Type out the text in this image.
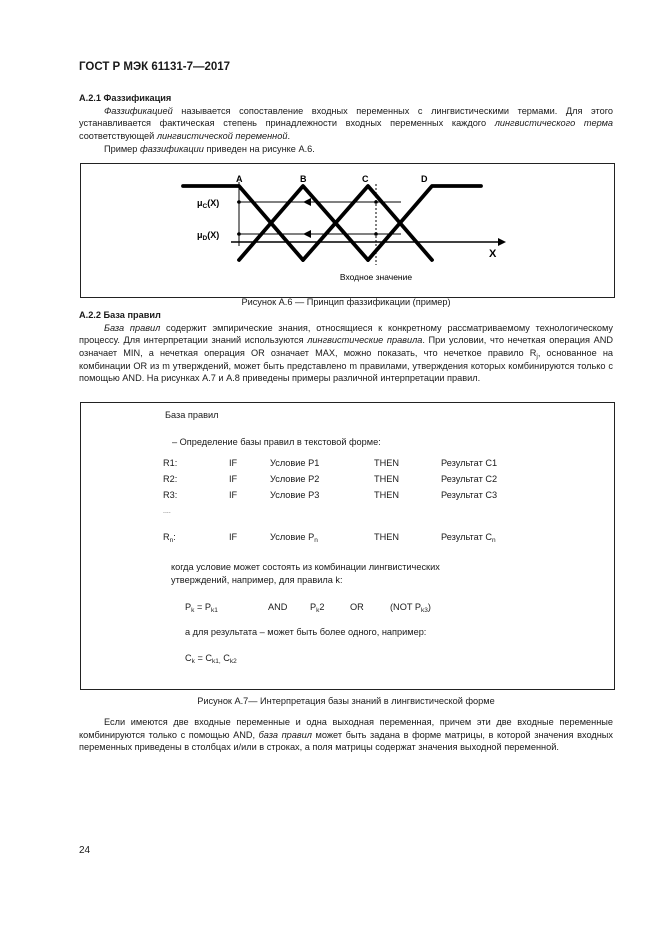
ГОСТ Р МЭК 61131-7—2017
А.2.1 Фаззификация
Фаззификацией называется сопоставление входных переменных с лингвистическими термами. Для этого устанавливается фактическая степень принадлежности входных переменных каждого лингвистического терма соответствующей лингвистической переменной.
Пример фаззификации приведен на рисунке А.6.
A	B	C	D
X
$\mu_C(X)$
$\mu_D(X)$
Входное значение
Рисунок А.6 — Принцип фаззификации (пример)
А.2.2 База правил
База правил содержит эмпирические знания, относящиеся к конкретному рассматриваемому технологическому процессу. Для интерпретации знаний используются лингвистические правила. При условии, что нечеткая операция AND означает MIN, а нечеткая операция OR означает MAX, можно показать, что нечеткое правило $R_j$, основанное на комбинации OR из m утверждений, может быть представлено m правилами, утверждения которых комбинируются только с помощью AND. На рисунках А.7 и А.8 приведены примеры различной интерпретации правил.
База правил
– Определение базы правил в текстовой форме:
R1:	IF	Условие P1	THEN	Результат C1
R2:	IF	Условие P2	THEN	Результат C2
R3:	IF	Условие P3	THEN	Результат C3
....
$R_n$:	IF	Условие $P_n$	THEN	Результат $C_n$
когда условие может состоять из комбинации лингвистических
утверждений, например, для правила k:
$P_k = P_{k1}$	AND $P_k2$	OR	(NOT $P_{k3}$)
а для результата – может быть более одного, например:
$C_k = C_{k1,}$ $C_{k2}$
Рисунок А.7— Интерпретация базы знаний в лингвистической форме
Если имеются две входные переменные и одна выходная переменная, причем эти две входные переменные комбинируются только с помощью AND, база правил может быть задана в форме матрицы, в которой значения входных переменных приведены в столбцах и/или в строках, а поля матрицы содержат значения выходной переменной.
24
